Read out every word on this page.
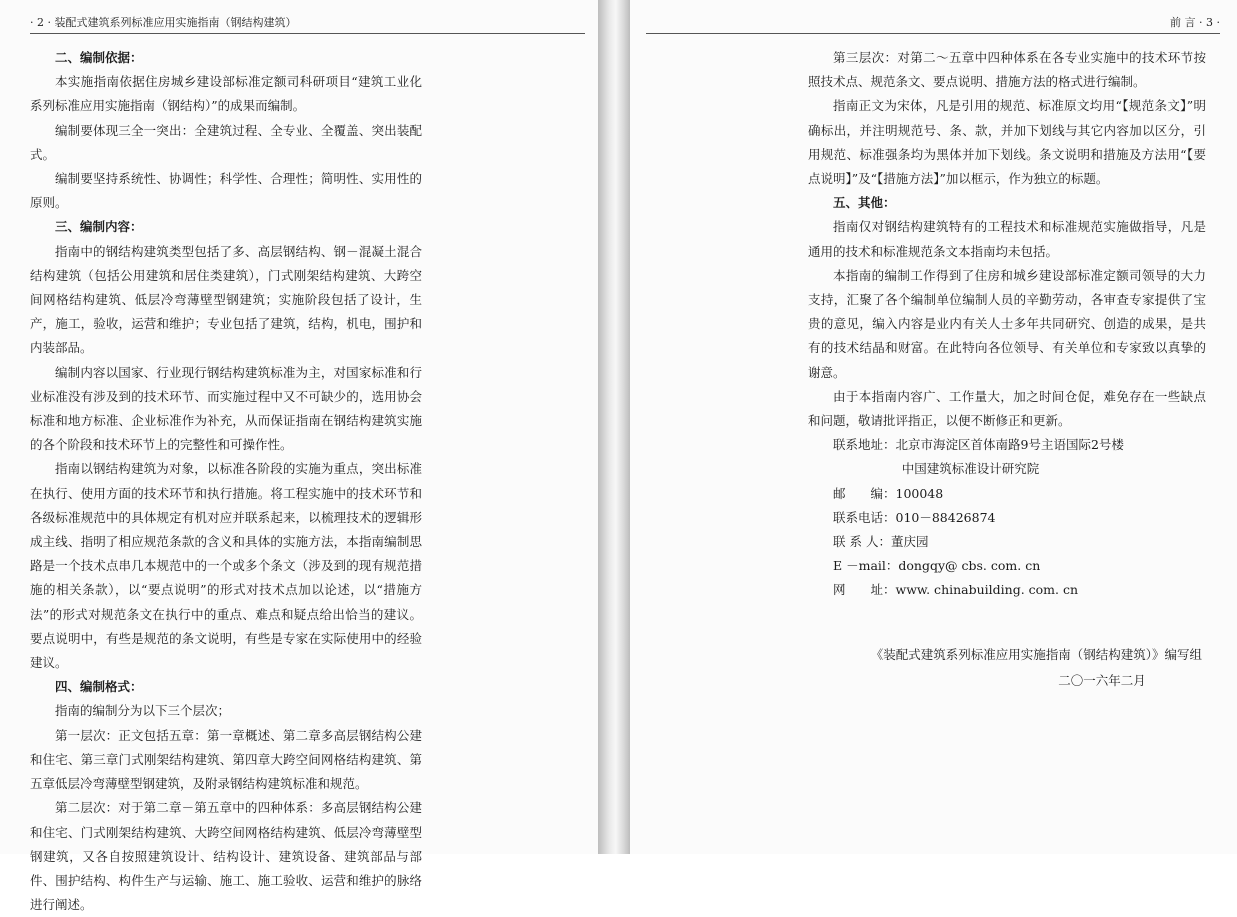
· 2 · 装配式建筑系列标准应用实施指南（钢结构建筑）

二、编制依据：

本实施指南依据住房城乡建设部标准定额司科研项目“建筑工业化系列标准应用实施指南（钢结构）”的成果而编制。

编制要体现三全一突出：全建筑过程、全专业、全覆盖、突出装配式。

编制要坚持系统性、协调性；科学性、合理性；简明性、实用性的原则。

三、编制内容：

指南中的钢结构建筑类型包括了多、高层钢结构、钢－混凝土混合结构建筑（包括公用建筑和居住类建筑），门式刚架结构建筑、大跨空间网格结构建筑、低层冷弯薄壁型钢建筑；实施阶段包括了设计，生产，施工，验收，运营和维护；专业包括了建筑，结构，机电，围护和内装部品。

编制内容以国家、行业现行钢结构建筑标准为主，对国家标准和行业标准没有涉及到的技术环节、而实施过程中又不可缺少的，选用协会标准和地方标准、企业标准作为补充，从而保证指南在钢结构建筑实施的各个阶段和技术环节上的完整性和可操作性。

指南以钢结构建筑为对象，以标准各阶段的实施为重点，突出标准在执行、使用方面的技术环节和执行措施。将工程实施中的技术环节和各级标准规范中的具体规定有机对应并联系起来，以梳理技术的逻辑形成主线、指明了相应规范条款的含义和具体的实施方法，本指南编制思路是一个技术点串几本规范中的一个或多个条文（涉及到的现有规范措施的相关条款），以“要点说明”的形式对技术点加以论述，以“措施方法”的形式对规范条文在执行中的重点、难点和疑点给出恰当的建议。要点说明中，有些是规范的条文说明，有些是专家在实际使用中的经验建议。

四、编制格式：

指南的编制分为以下三个层次；

第一层次：正文包括五章：第一章概述、第二章多高层钢结构公建和住宅、第三章门式刚架结构建筑、第四章大跨空间网格结构建筑、第五章低层冷弯薄壁型钢建筑，及附录钢结构建筑标准和规范。

第二层次：对于第二章－第五章中的四种体系：多高层钢结构公建和住宅、门式刚架结构建筑、大跨空间网格结构建筑、低层冷弯薄壁型钢建筑，又各自按照建筑设计、结构设计、建筑设备、建筑部品与部件、围护结构、构件生产与运输、施工、施工验收、运营和维护的脉络进行阐述。

前 言 · 3 ·

第三层次：对第二～五章中四种体系在各专业实施中的技术环节按照技术点、规范条文、要点说明、措施方法的格式进行编制。

指南正文为宋体，凡是引用的规范、标准原文均用“【规范条文】”明确标出，并注明规范号、条、款，并加下划线与其它内容加以区分，引用规范、标准强条均为黑体并加下划线。条文说明和措施及方法用“【要点说明】”及“【措施方法】”加以框示，作为独立的标题。

五、其他：

指南仅对钢结构建筑特有的工程技术和标准规范实施做指导，凡是通用的技术和标准规范条文本指南均未包括。

本指南的编制工作得到了住房和城乡建设部标准定额司领导的大力支持，汇聚了各个编制单位编制人员的辛勤劳动，各审查专家提供了宝贵的意见，编入内容是业内有关人士多年共同研究、创造的成果，是共有的技术结晶和财富。在此特向各位领导、有关单位和专家致以真挚的谢意。

由于本指南内容广、工作量大，加之时间仓促，难免存在一些缺点和问题，敬请批评指正，以便不断修正和更新。

联系地址：北京市海淀区首体南路9号主语国际2号楼

中国建筑标准设计研究院

邮　　编：100048

联系电话：010－88426874

联 系 人：董庆园

E －mail：dongqy@ cbs. com. cn

网　　址：www. chinabuilding. com. cn

《装配式建筑系列标准应用实施指南（钢结构建筑）》编写组

二〇一六年二月
